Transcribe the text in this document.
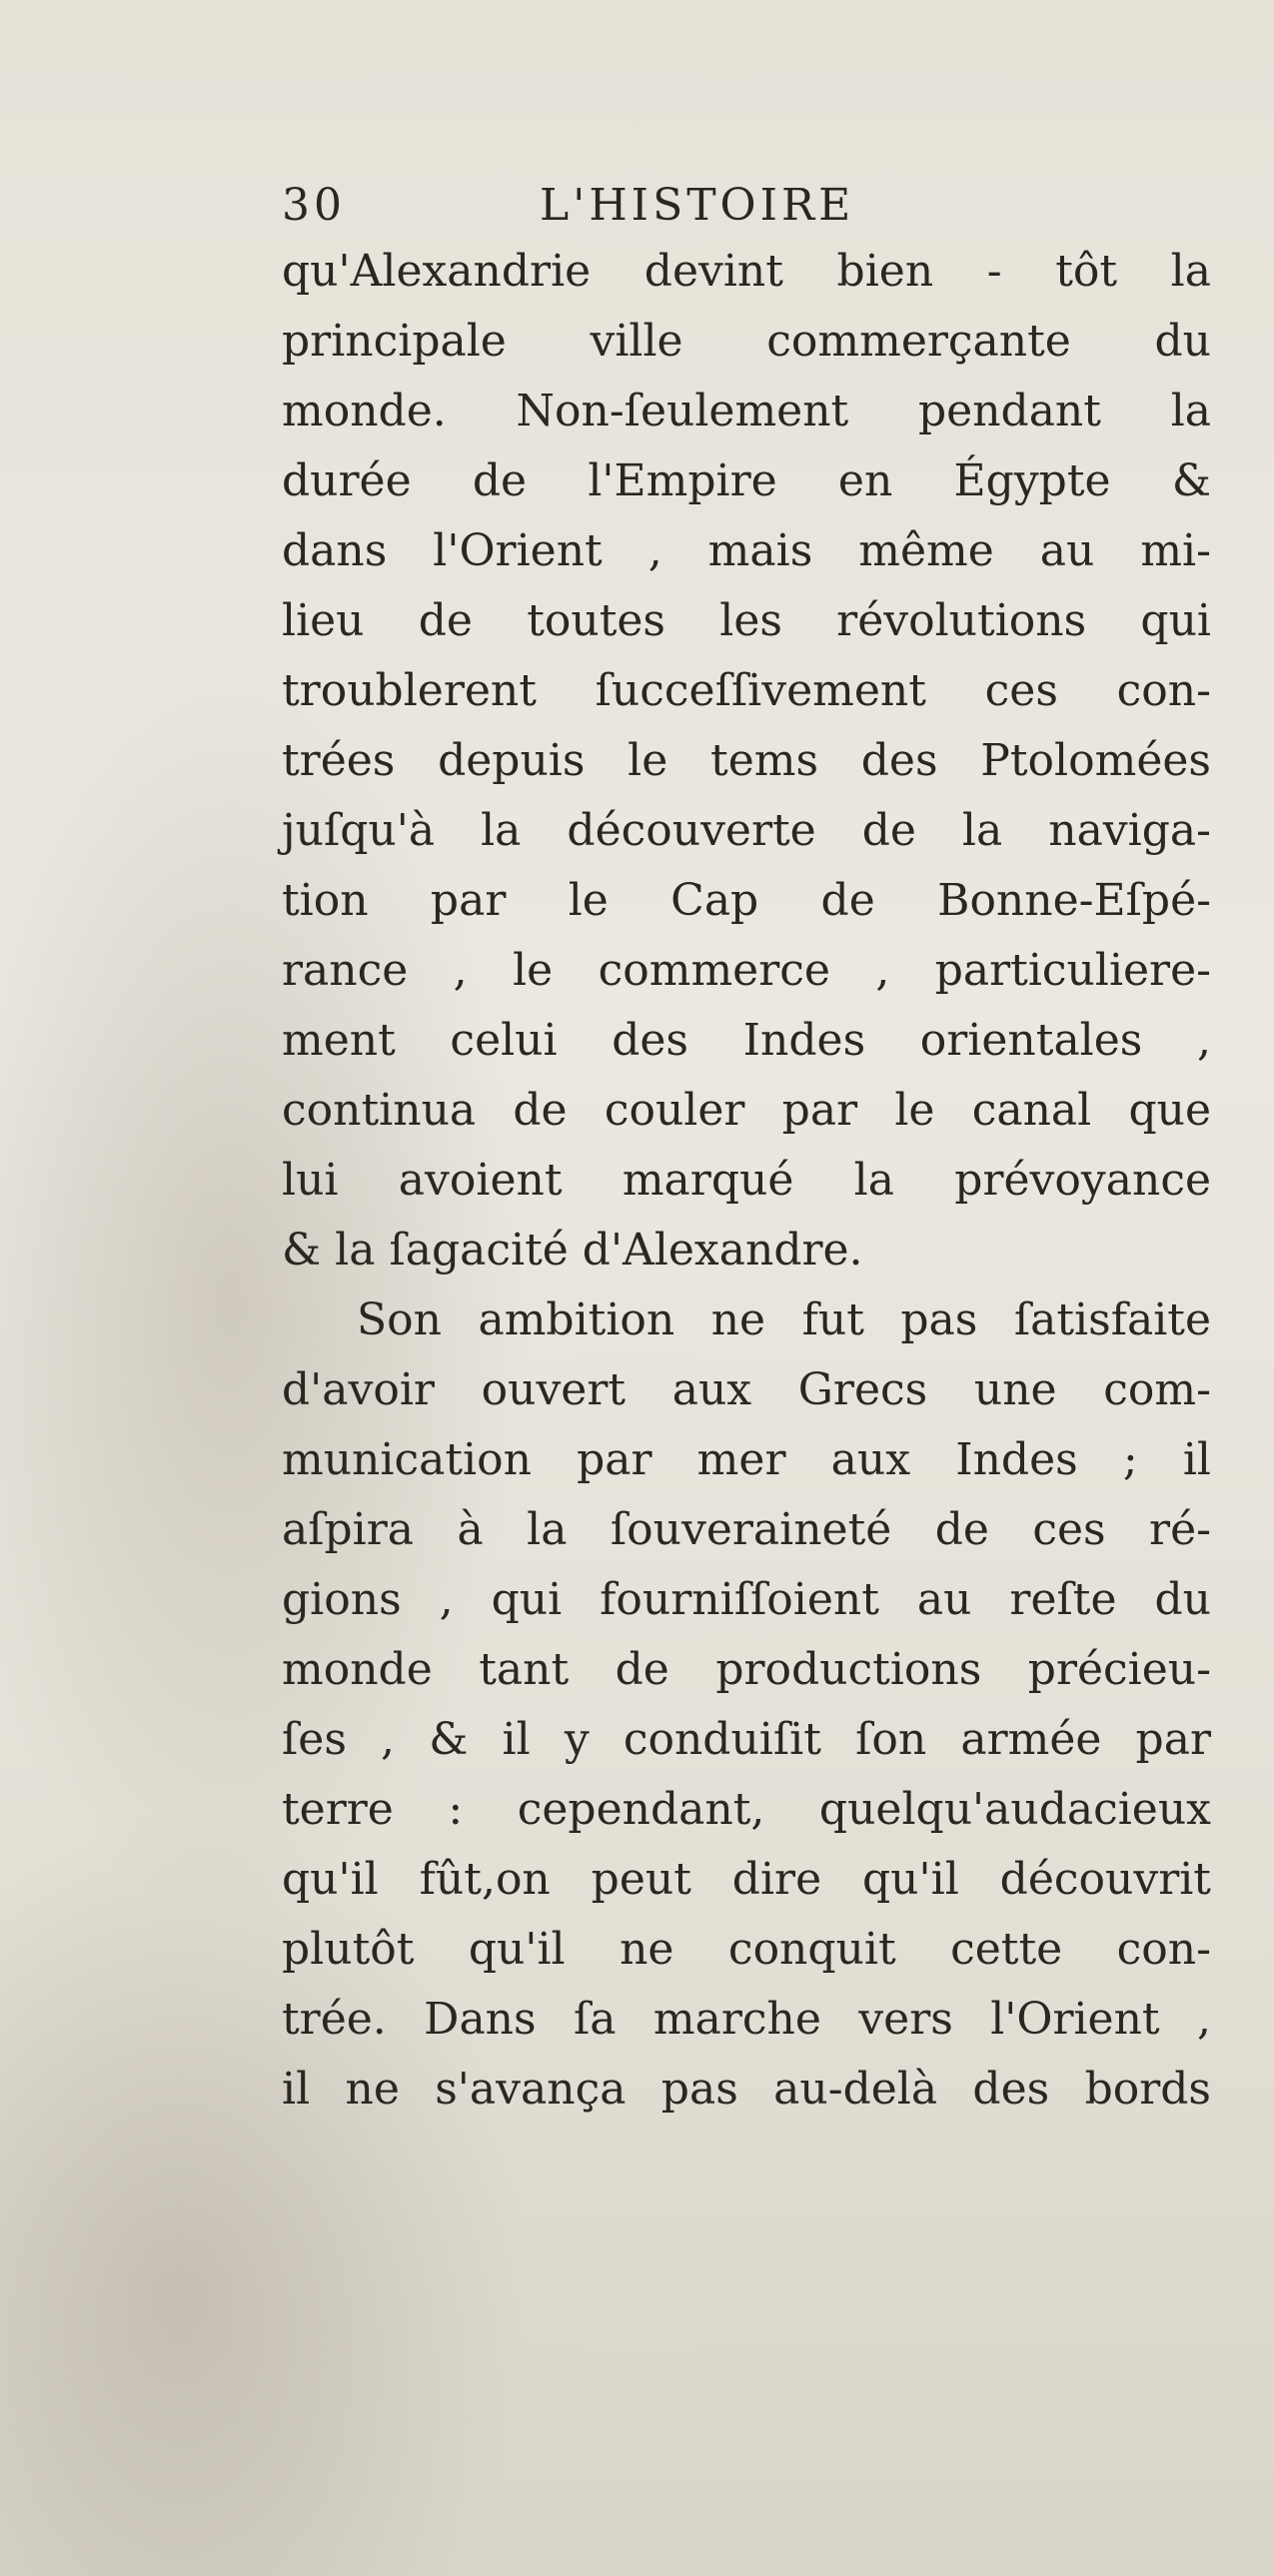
30	L'HISTOIRE
qu'Alexandrie devint bien - tôt la
principale ville commerçante du
monde. Non-ſeulement pendant la
durée de l'Empire en Égypte &
dans l'Orient , mais même au mi-
lieu de toutes les révolutions qui
troublerent ſucceſſivement ces con-
trées depuis le tems des Ptolomées
juſqu'à la découverte de la naviga-
tion par le Cap de Bonne-Eſpé-
rance , le commerce , particuliere-
ment celui des Indes orientales ,
continua de couler par le canal que
lui avoient marqué la prévoyance
& la ſagacité d'Alexandre.
Son ambition ne fut pas ſatisfaite
d'avoir ouvert aux Grecs une com-
munication par mer aux Indes ; il
aſpira à la ſouveraineté de ces ré-
gions , qui fourniſſoient au reſte du
monde tant de productions précieu-
ſes , & il y conduiſit ſon armée par
terre : cependant, quelqu'audacieux
qu'il fût,on peut dire qu'il découvrit
plutôt qu'il ne conquit cette con-
trée. Dans ſa marche vers l'Orient ,
il ne s'avança pas au-delà des bords
